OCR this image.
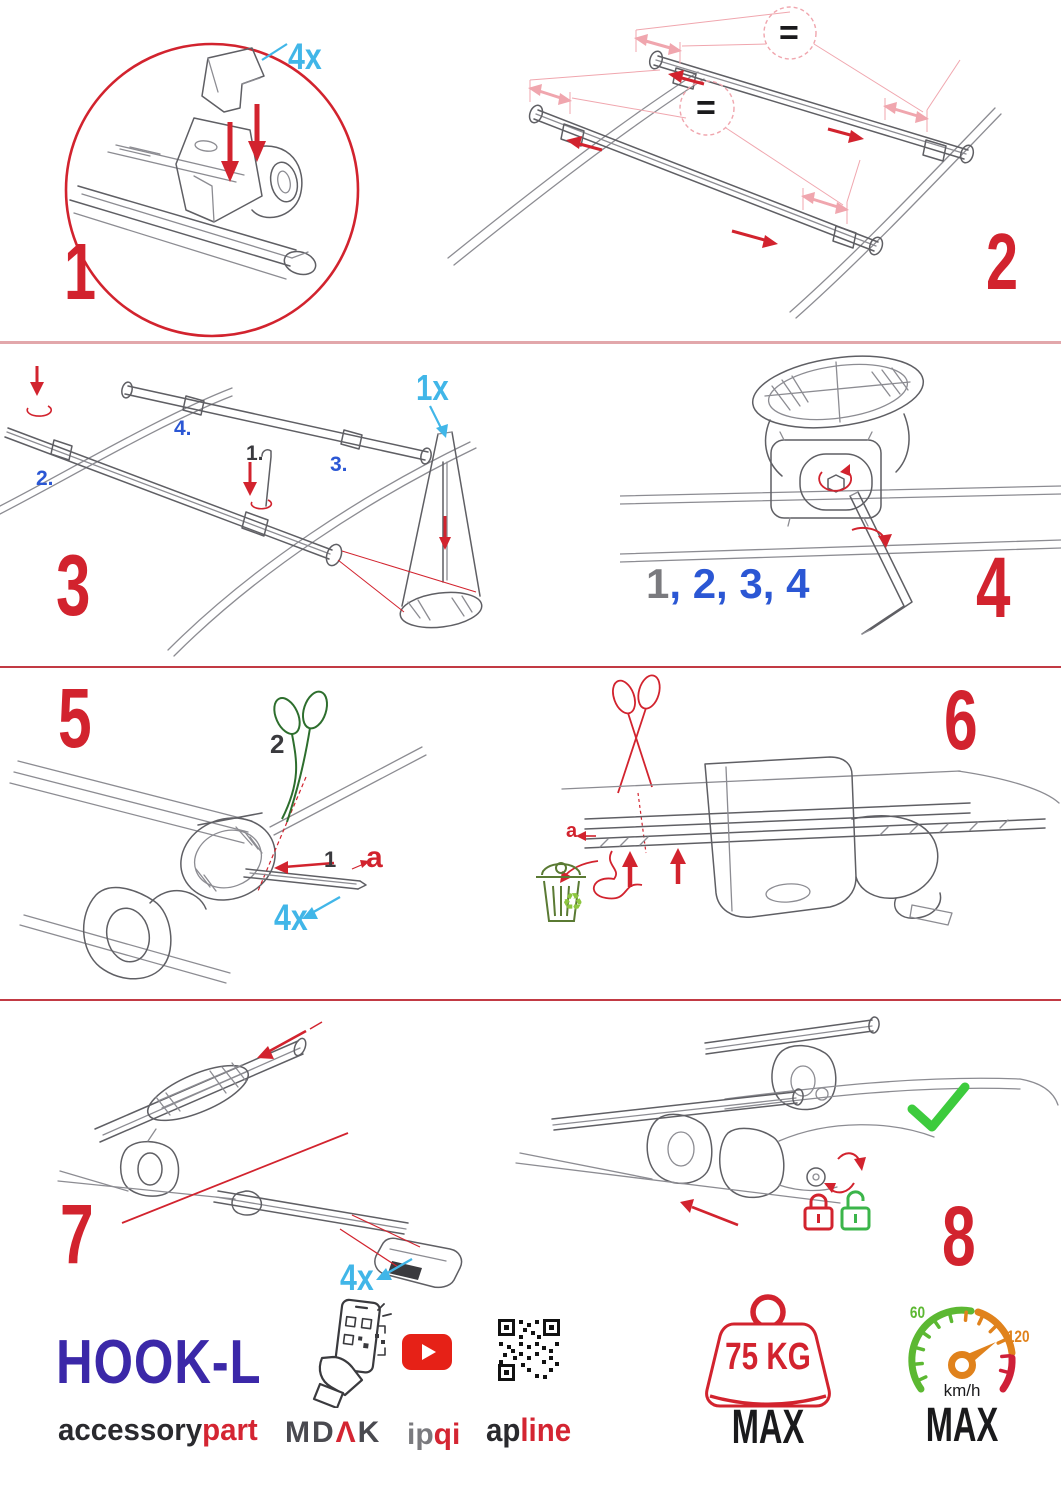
4x
1
=
=
2
1.
2.
3.
4.
1x
3	1, 2, 3, 4 4
5	2
1 a
4x
a
♻
6
7	4x	8
HOOK-L
accessorypart MDΛK ipqi apline
75 KG
MAX
60
120
km/h
MAX
